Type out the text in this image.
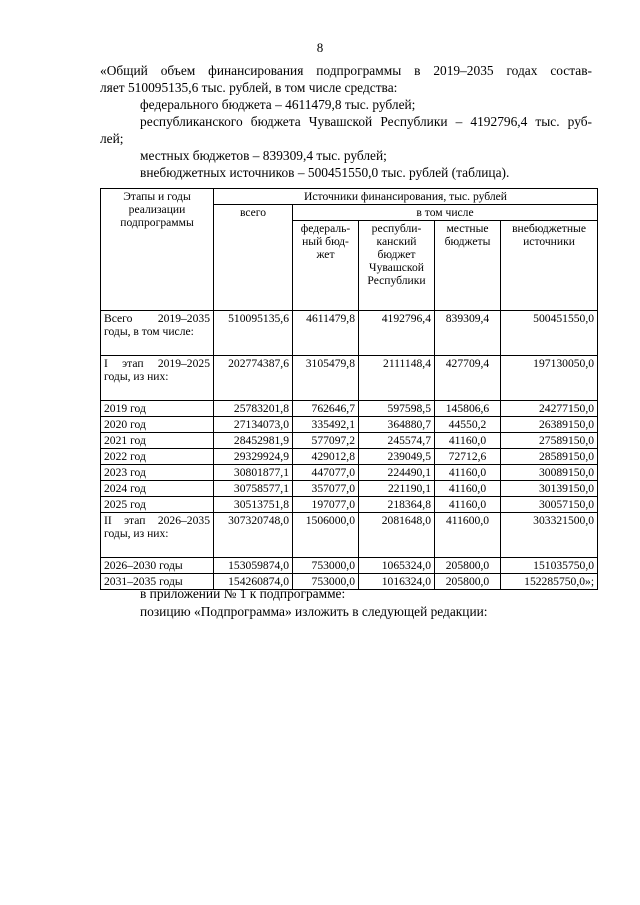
8
«Общий объем финансирования подпрограммы в 2019–2035 годах состав-
ляет 510095135,6 тыс. рублей, в том числе средства:
федерального бюджета – 4611479,8 тыс. рублей;
республиканского бюджета Чувашской Республики – 4192796,4 тыс. руб-
лей;
местных бюджетов – 839309,4 тыс. рублей;
внебюджетных источников – 500451550,0 тыс. рублей (таблица).
Этапы и годы реализации подпрограммы	Источники финансирования, тыс. рублей				
	всего	в том числе			
		федераль-ный бюд-жет	республи-канский бюджет Чувашской Республики	местные бюджеты	внебюджетные источники
Всего 2019–2035 годы, в том числе:	510095135,6	4611479,8	4192796,4	839309,4	500451550,0
I этап 2019–2025 годы, из них:	202774387,6	3105479,8	2111148,4	427709,4	197130050,0
2019 год	25783201,8	762646,7	597598,5	145806,6	24277150,0
2020 год	27134073,0	335492,1	364880,7	44550,2	26389150,0
2021 год	28452981,9	577097,2	245574,7	41160,0	27589150,0
2022 год	29329924,9	429012,8	239049,5	72712,6	28589150,0
2023 год	30801877,1	447077,0	224490,1	41160,0	30089150,0
2024 год	30758577,1	357077,0	221190,1	41160,0	30139150,0
2025 год	30513751,8	197077,0	218364,8	41160,0	30057150,0
II этап 2026–2035 годы, из них:	307320748,0	1506000,0	2081648,0	411600,0	303321500,0
2026–2030 годы	153059874,0	753000,0	1065324,0	205800,0	151035750,0
2031–2035 годы	154260874,0	753000,0	1016324,0	205800,0	152285750,0»;
в приложении № 1 к подпрограмме:
позицию «Подпрограмма» изложить в следующей редакции:
